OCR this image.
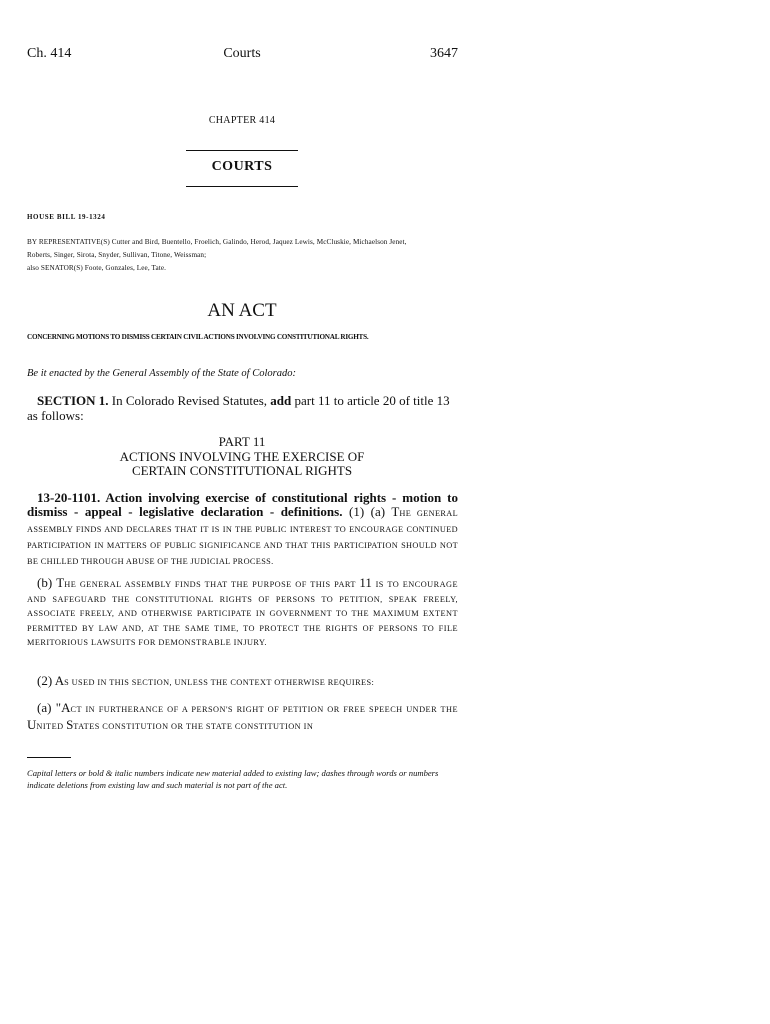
Ch. 414	Courts	3647
CHAPTER 414
COURTS
HOUSE BILL 19-1324
BY REPRESENTATIVE(S) Cutter and Bird, Buentello, Froelich, Galindo, Herod, Jaquez Lewis, McCluskie, Michaelson Jenet,
Roberts, Singer, Sirota, Snyder, Sullivan, Titone, Weissman;
also SENATOR(S) Foote, Gonzales, Lee, Tate.
AN ACT
CONCERNING MOTIONS TO DISMISS CERTAIN CIVIL ACTIONS INVOLVING CONSTITUTIONAL RIGHTS.
Be it enacted by the General Assembly of the State of Colorado:
SECTION 1. In Colorado Revised Statutes, add part 11 to article 20 of title 13 as follows:
PART 11
ACTIONS INVOLVING THE EXERCISE OF
CERTAIN CONSTITUTIONAL RIGHTS
13-20-1101. Action involving exercise of constitutional rights - motion to dismiss - appeal - legislative declaration - definitions. (1) (a) THE GENERAL ASSEMBLY FINDS AND DECLARES THAT IT IS IN THE PUBLIC INTEREST TO ENCOURAGE CONTINUED PARTICIPATION IN MATTERS OF PUBLIC SIGNIFICANCE AND THAT THIS PARTICIPATION SHOULD NOT BE CHILLED THROUGH ABUSE OF THE JUDICIAL PROCESS.
(b) THE GENERAL ASSEMBLY FINDS THAT THE PURPOSE OF THIS PART 11 IS TO ENCOURAGE AND SAFEGUARD THE CONSTITUTIONAL RIGHTS OF PERSONS TO PETITION, SPEAK FREELY, ASSOCIATE FREELY, AND OTHERWISE PARTICIPATE IN GOVERNMENT TO THE MAXIMUM EXTENT PERMITTED BY LAW AND, AT THE SAME TIME, TO PROTECT THE RIGHTS OF PERSONS TO FILE MERITORIOUS LAWSUITS FOR DEMONSTRABLE INJURY.
(2) AS USED IN THIS SECTION, UNLESS THE CONTEXT OTHERWISE REQUIRES:
(a) "ACT IN FURTHERANCE OF A PERSON'S RIGHT OF PETITION OR FREE SPEECH UNDER THE UNITED STATES CONSTITUTION OR THE STATE CONSTITUTION IN
Capital letters or bold & italic numbers indicate new material added to existing law; dashes through words or numbers indicate deletions from existing law and such material is not part of the act.
